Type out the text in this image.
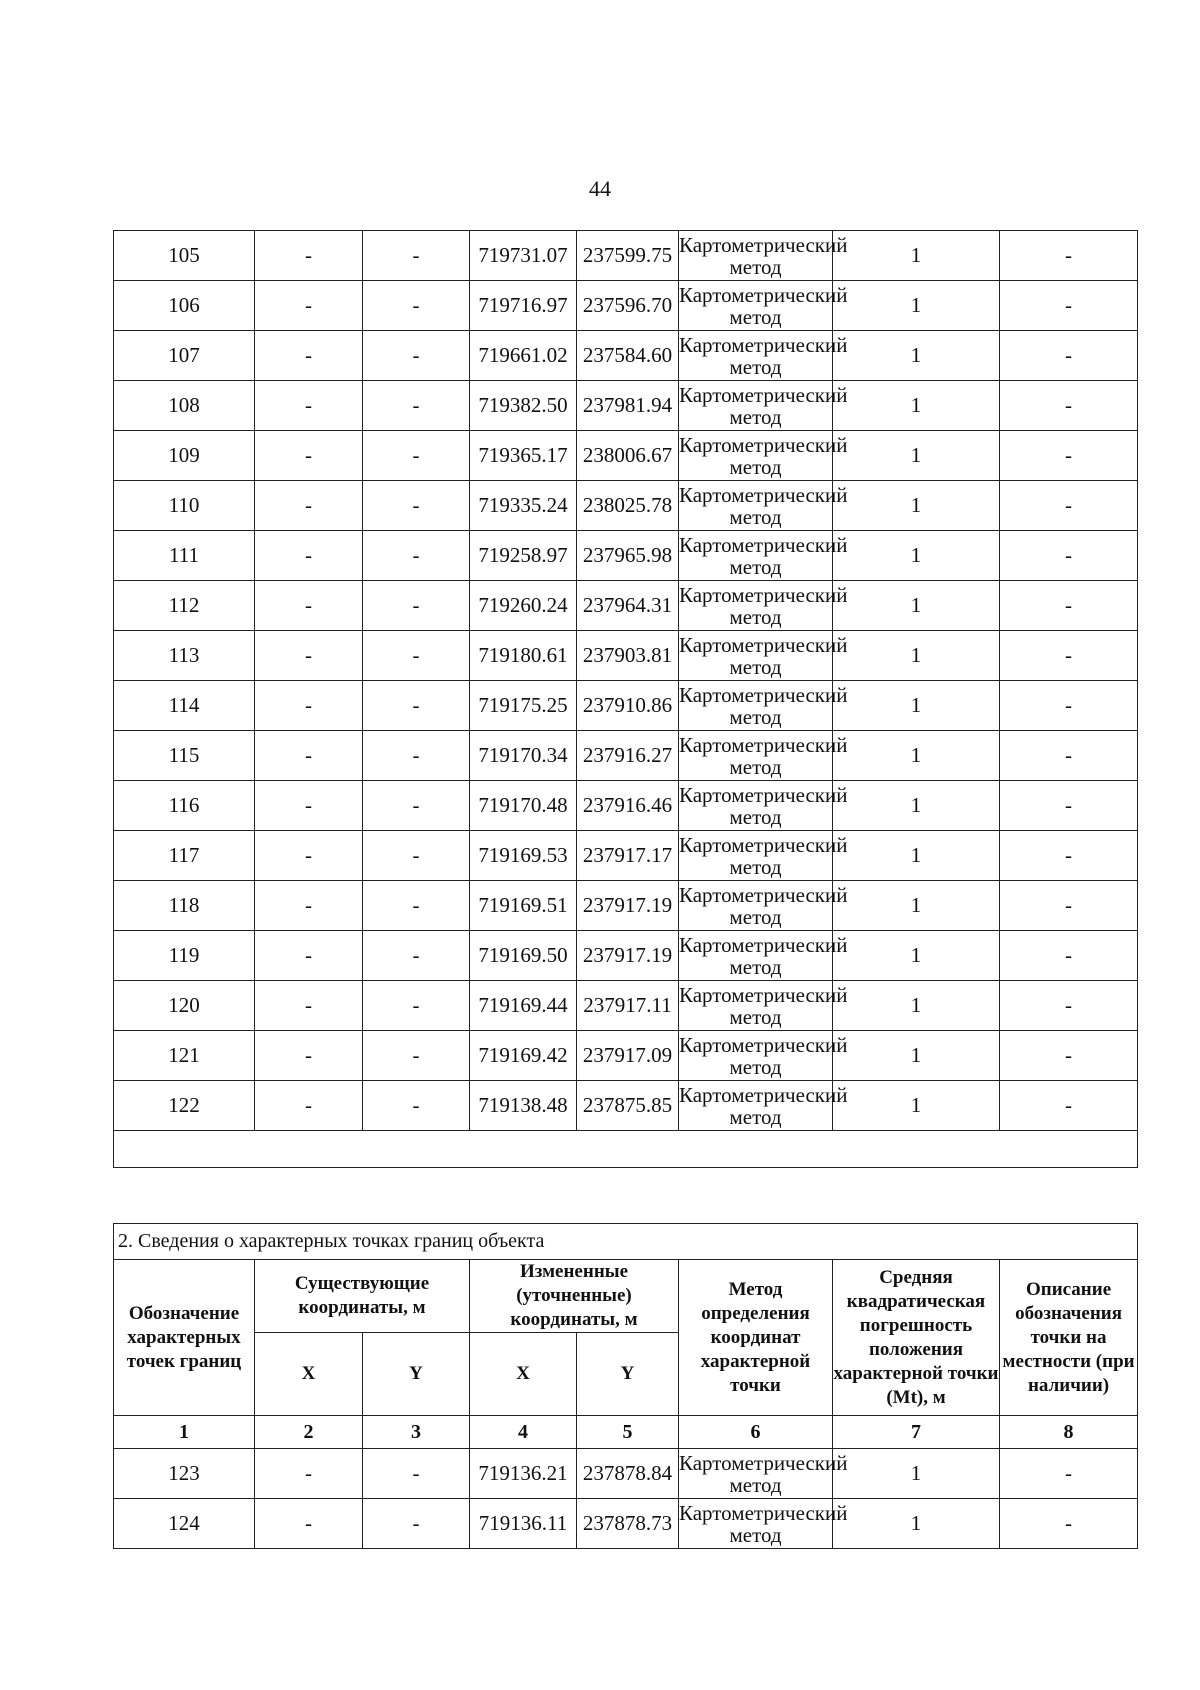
44
105	-	-	719731.07	237599.75	Картометрический метод	1	-
106	-	-	719716.97	237596.70	Картометрический метод	1	-
107	-	-	719661.02	237584.60	Картометрический метод	1	-
108	-	-	719382.50	237981.94	Картометрический метод	1	-
109	-	-	719365.17	238006.67	Картометрический метод	1	-
110	-	-	719335.24	238025.78	Картометрический метод	1	-
111	-	-	719258.97	237965.98	Картометрический метод	1	-
112	-	-	719260.24	237964.31	Картометрический метод	1	-
113	-	-	719180.61	237903.81	Картометрический метод	1	-
114	-	-	719175.25	237910.86	Картометрический метод	1	-
115	-	-	719170.34	237916.27	Картометрический метод	1	-
116	-	-	719170.48	237916.46	Картометрический метод	1	-
117	-	-	719169.53	237917.17	Картометрический метод	1	-
118	-	-	719169.51	237917.19	Картометрический метод	1	-
119	-	-	719169.50	237917.19	Картометрический метод	1	-
120	-	-	719169.44	237917.11	Картометрический метод	1	-
121	-	-	719169.42	237917.09	Картометрический метод	1	-
122	-	-	719138.48	237875.85	Картометрический метод	1	-

2. Сведения о характерных точках границ объекта							
Обозначение характерных точек границ	Существующие координаты, м		Измененные (уточненные) координаты, м		Метод определения координат характерной точки	Средняя квадратическая погрешность положения характерной точки (Mt), м	Описание обозначения точки на местности (при наличии)
	X	Y	X	Y			
1	2	3	4	5	6	7	8
123	-	-	719136.21	237878.84	Картометрический метод	1	-
124	-	-	719136.11	237878.73	Картометрический метод	1	-
